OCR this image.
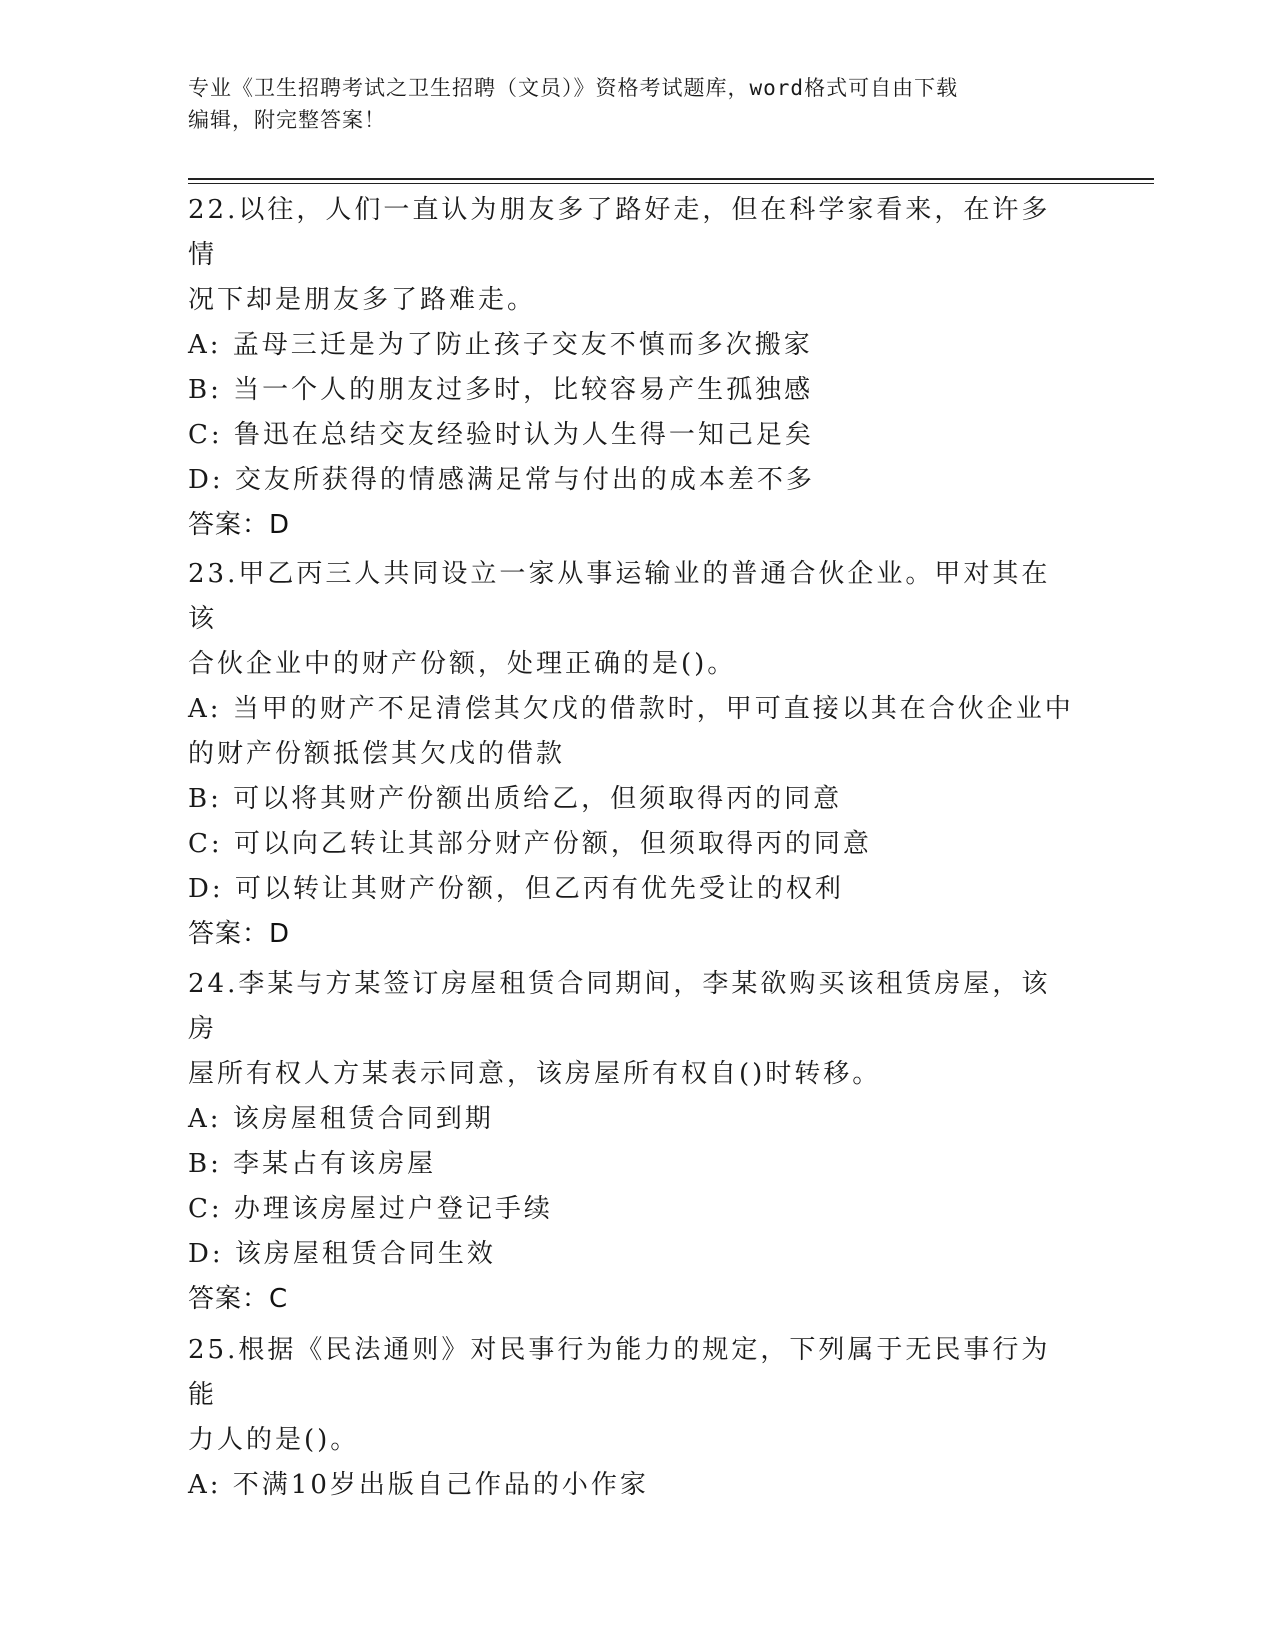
专业《卫生招聘考试之卫生招聘（文员）》资格考试题库，word格式可自由下载
编辑，附完整答案！
22.以往，人们一直认为朋友多了路好走，但在科学家看来，在许多情
况下却是朋友多了路难走。
A: 孟母三迁是为了防止孩子交友不慎而多次搬家
B: 当一个人的朋友过多时，比较容易产生孤独感
C: 鲁迅在总结交友经验时认为人生得一知己足矣
D: 交友所获得的情感满足常与付出的成本差不多
答案：D
23.甲乙丙三人共同设立一家从事运输业的普通合伙企业。甲对其在该
合伙企业中的财产份额，处理正确的是()。
A: 当甲的财产不足清偿其欠戊的借款时，甲可直接以其在合伙企业中
的财产份额抵偿其欠戊的借款
B: 可以将其财产份额出质给乙，但须取得丙的同意
C: 可以向乙转让其部分财产份额，但须取得丙的同意
D: 可以转让其财产份额，但乙丙有优先受让的权利
答案：D
24.李某与方某签订房屋租赁合同期间，李某欲购买该租赁房屋，该房
屋所有权人方某表示同意，该房屋所有权自()时转移。
A: 该房屋租赁合同到期
B: 李某占有该房屋
C: 办理该房屋过户登记手续
D: 该房屋租赁合同生效
答案：C
25.根据《民法通则》对民事行为能力的规定，下列属于无民事行为能
力人的是()。
A: 不满10岁出版自己作品的小作家
